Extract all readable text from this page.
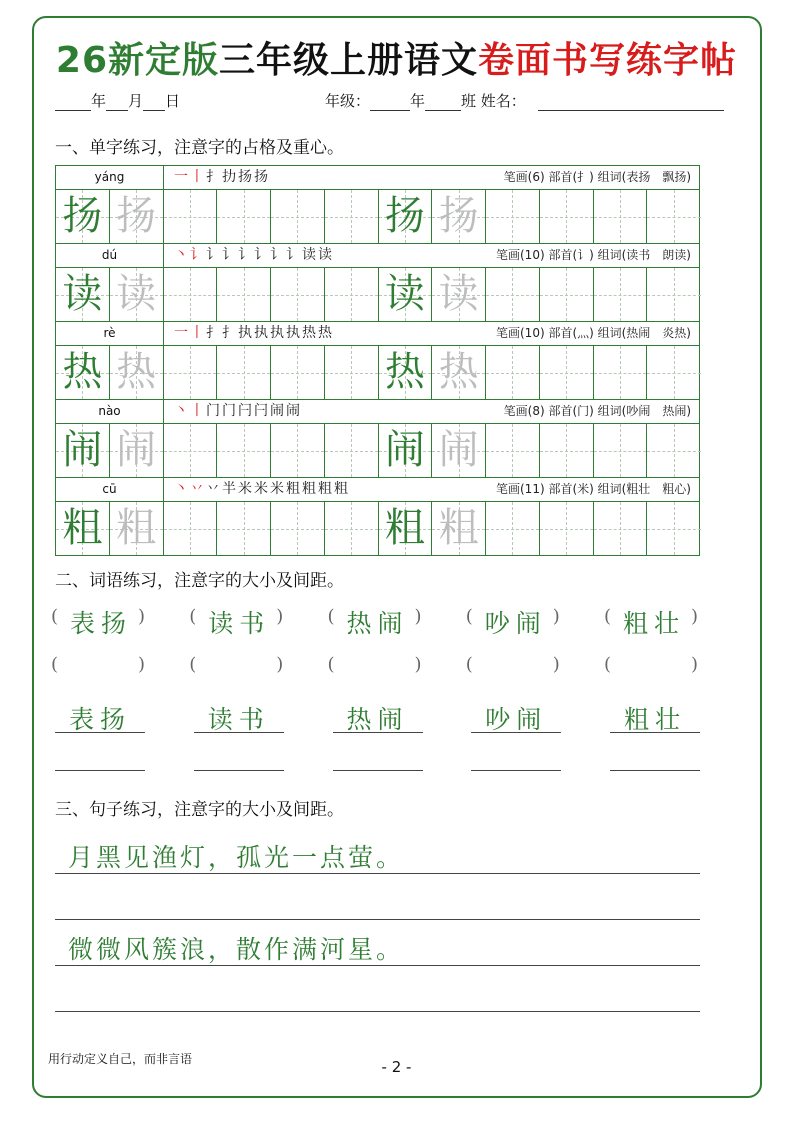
26新定版三年级上册语文卷面书写练字帖
年 月 日	年级：	年 班 姓名：
一、单字练习，注意字的占格及重心。
yáng	一丨扌扐扬扬	笔画(6) 部首(扌) 组词(表扬　飘扬)
扬 扬	扬 扬
dú	丶讠讠讠讠讠讠讠读读	笔画(10) 部首(讠) 组词(读书　朗读)
读 读	读 读
rè	一丨扌扌执执执执热热	笔画(10) 部首(灬) 组词(热闹　炎热)
热 热	热 热
nào	丶丨门门闩闩闹闹	笔画(8) 部首(门) 组词(吵闹　热闹)
闹 闹	闹 闹
cū	丶丷丷半米米米粗粗粗粗	笔画(11) 部首(米) 组词(粗壮　粗心)
粗 粗	粗 粗
二、词语练习，注意字的大小及间距。
( 表扬 ) ( 读书 ) ( 热闹 ) ( 吵闹 ) ( 粗壮 )
(
	) (
	) (
	) (
	) (
	)
表扬	读书	热闹	吵闹	粗壮
三、句子练习，注意字的大小及间距。
月黑见渔灯，孤光一点萤。
微微风簇浪，散作满河星。
用行动定义自己，而非言语	- 2 -
